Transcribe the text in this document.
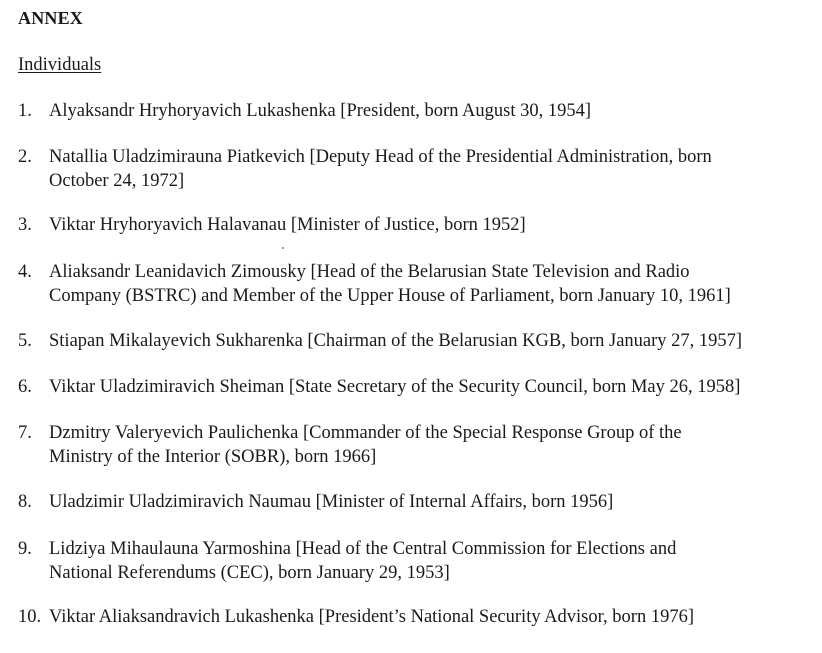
ANNEX
Individuals
1. Alyaksandr Hryhoryavich Lukashenka [President, born August 30, 1954]
2. Natallia Uladzimirauna Piatkevich [Deputy Head of the Presidential Administration, born
October 24, 1972]
3. Viktar Hryhoryavich Halavanau [Minister of Justice, born 1952]
4. Aliaksandr Leanidavich Zimousky [Head of the Belarusian State Television and Radio
Company (BSTRC) and Member of the Upper House of Parliament, born January 10, 1961]
5. Stiapan Mikalayevich Sukharenka [Chairman of the Belarusian KGB, born January 27, 1957]
6. Viktar Uladzimiravich Sheiman [State Secretary of the Security Council, born May 26, 1958]
7. Dzmitry Valeryevich Paulichenka [Commander of the Special Response Group of the
Ministry of the Interior (SOBR), born 1966]
8. Uladzimir Uladzimiravich Naumau [Minister of Internal Affairs, born 1956]
9. Lidziya Mihaulauna Yarmoshina [Head of the Central Commission for Elections and
National Referendums (CEC), born January 29, 1953]
10. Viktar Aliaksandravich Lukashenka [President’s National Security Advisor, born 1976]
